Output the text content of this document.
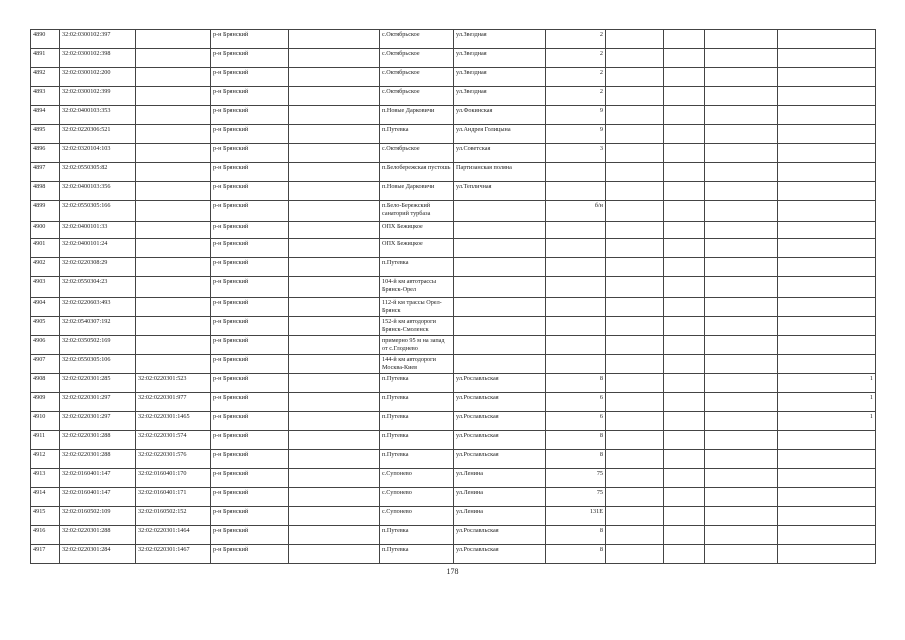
4890	32:02:0300102:397		р-н Брянский		с.Октябрьское	ул.Звездная	2				
4891	32:02:0300102:398		р-н Брянский		с.Октябрьское	ул.Звездная	2				
4892	32:02:0300102:200		р-н Брянский		с.Октябрьское	ул.Звездная	2				
4893	32:02:0300102:399		р-н Брянский		с.Октябрьское	ул.Звездная	2				
4894	32:02:0400103:353		р-н Брянский		п.Новые Дарковичи	ул.Фокинская	9				
4895	32:02:0220306:521		р-н Брянский		п.Путевка	ул.Андрея Голицына	9				
4896	32:02:0320104:103		р-н Брянский		с.Октябрьское	ул.Советская	3				
4897	32:02:0550305:82		р-н Брянский		п.Белобережская пустошь	Партизанская поляна					
4898	32:02:0400103:356		р-н Брянский		п.Новые Дарковичи	ул.Тепличная					
4899	32:02:0550305:166		р-н Брянский		п.Бело-Бережский санаторий турбаза		б/н				
4900	32:02:0400101:33		р-н Брянский		ОПХ Бежицкое						
4901	32:02:0400101:24		р-н Брянский		ОПХ Бежицкое						
4902	32:02:0220308:29		р-н Брянский		п.Путевка						
4903	32:02:0550304:23		р-н Брянский		104-й км автотрассы Брянск-Орел						
4904	32:02:0220603:493		р-н Брянский		112-й км трассы Орел-Брянск						
4905	32:02:0540307:192		р-н Брянский		152-й км автодороги Брянск-Смоленск						
4906	32:02:0350502:169		р-н Брянский		примерно 95 м на запад от с.Глоднево						
4907	32:02:0550305:106		р-н Брянский		144-й км автодороги Москва-Киев						
4908	32:02:0220301:285	32:02:0220301:523	р-н Брянский		п.Путевка	ул.Рославльская	8				1
4909	32:02:0220301:297	32:02:0220301:977	р-н Брянский		п.Путевка	ул.Рославльская	6				1
4910	32:02:0220301:297	32:02:0220301:1465	р-н Брянский		п.Путевка	ул.Рославльская	6				1
4911	32:02:0220301:288	32:02:0220301:574	р-н Брянский		п.Путевка	ул.Рославльская	8				
4912	32:02:0220301:288	32:02:0220301:576	р-н Брянский		п.Путевка	ул.Рославльская	8				
4913	32:02:0160401:147	32:02:0160401:170	р-н Брянский		с.Супонево	ул.Ленина	75				
4914	32:02:0160401:147	32:02:0160401:171	р-н Брянский		с.Супонево	ул.Ленина	75				
4915	32:02:0160502:109	32:02:0160502:152	р-н Брянский		с.Супонево	ул.Ленина	131Е				
4916	32:02:0220301:288	32:02:0220301:1464	р-н Брянский		п.Путевка	ул.Рославльская	8				
4917	32:02:0220301:284	32:02:0220301:1467	р-н Брянский		п.Путевка	ул.Рославльская	8				
178
